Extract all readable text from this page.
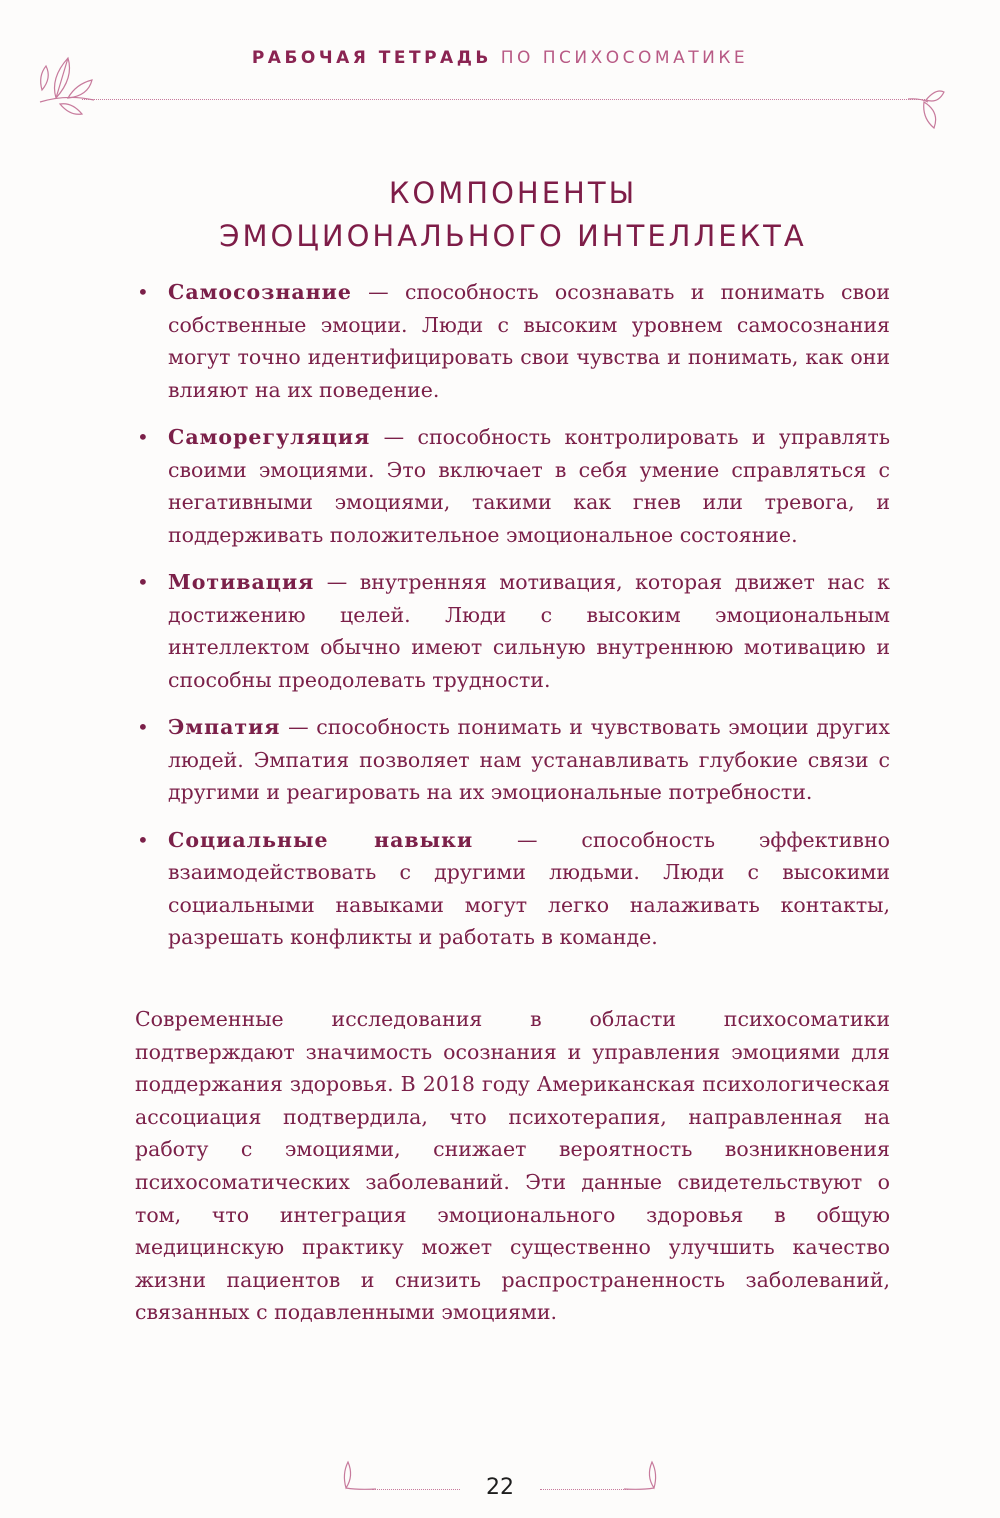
РАБОЧАЯ ТЕТРАДЬ ПО ПСИХОСОМАТИКЕ
КОМПОНЕНТЫ
ЭМОЦИОНАЛЬНОГО ИНТЕЛЛЕКТА
• Самосознание — способность осознавать и понимать свои собственные эмоции. Люди с высоким уровнем самосознания могут точно идентифицировать свои чувства и понимать, как они влияют на их поведение.
• Саморегуляция — способность контролировать и управлять своими эмоциями. Это включает в себя умение справляться с негативными эмоциями, такими как гнев или тревога, и поддерживать положительное эмоциональное состояние.
• Мотивация — внутренняя мотивация, которая движет нас к достижению целей. Люди с высоким эмоциональным интеллектом обычно имеют сильную внутреннюю мотивацию и способны преодолевать трудности.
• Эмпатия — способность понимать и чувствовать эмоции других людей. Эмпатия позволяет нам устанавливать глубокие связи с другими и реагировать на их эмоциональные потребности.
• Социальные навыки — способность эффективно взаимодействовать с другими людьми. Люди с высокими социальными навыками могут легко налаживать контакты, разрешать конфликты и работать в команде.

Современные исследования в области психосоматики подтверждают значимость осознания и управления эмоциями для поддержания здоровья. В 2018 году Американская психологическая ассоциация подтвердила, что психотерапия, направленная на работу с эмоциями, снижает вероятность возникновения психосоматических заболеваний. Эти данные свидетельствуют о том, что интеграция эмоционального здоровья в общую медицинскую практику может существенно улучшить качество жизни пациентов и снизить распространенность заболеваний, связанных с подавленными эмоциями.

22
